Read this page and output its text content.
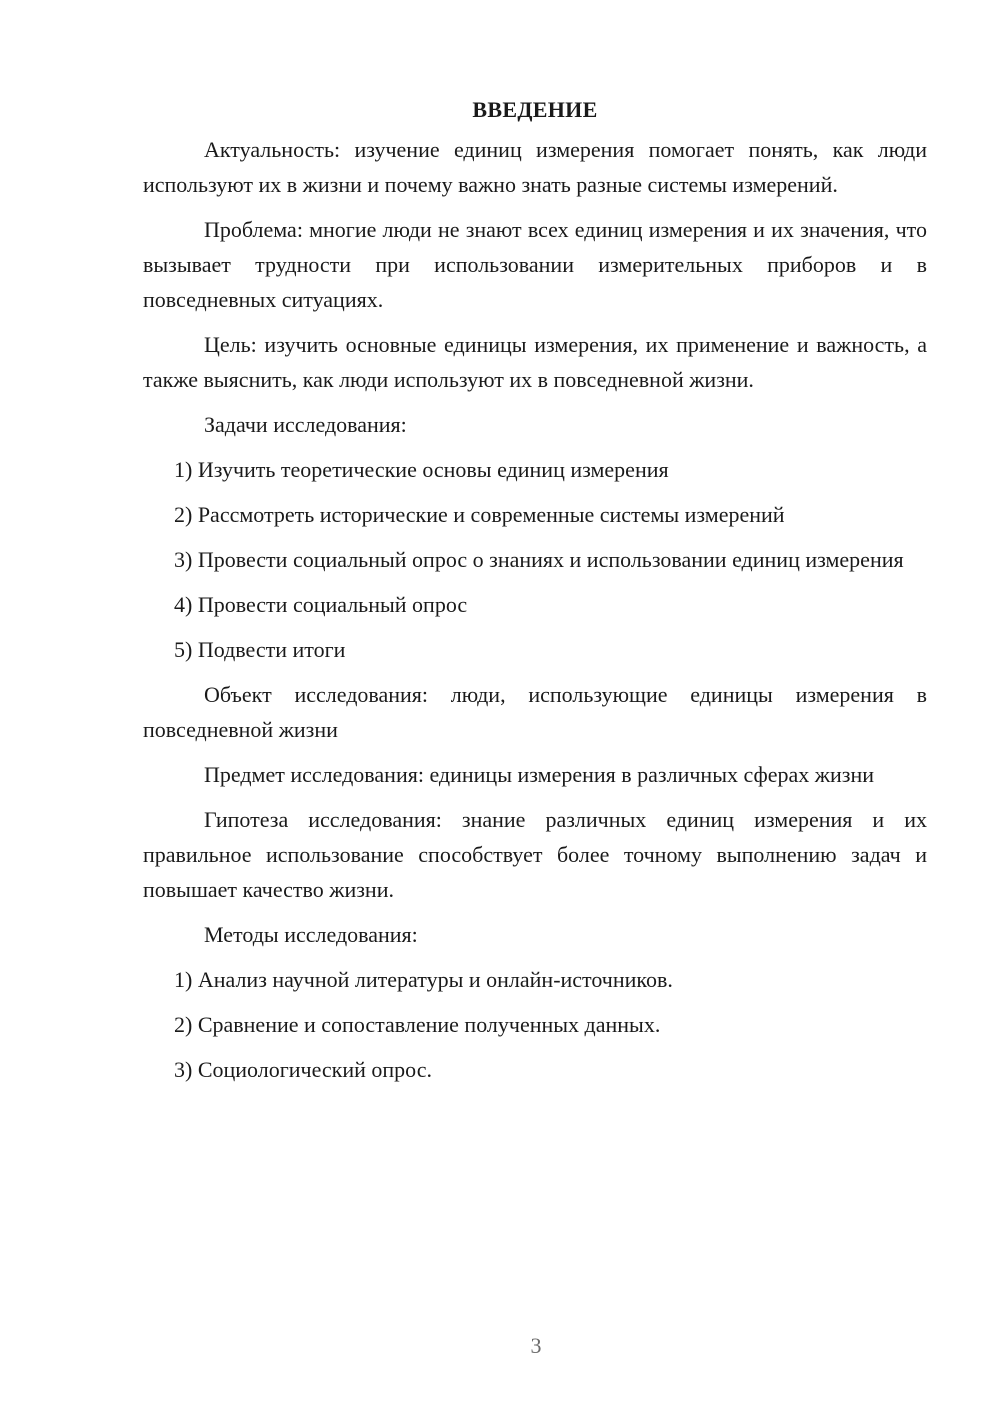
ВВЕДЕНИЕ

Актуальность: изучение единиц измерения помогает понять, как люди используют их в жизни и почему важно знать разные системы измерений.

Проблема: многие люди не знают всех единиц измерения и их значения, что вызывает трудности при использовании измерительных приборов и в повседневных ситуациях.

Цель: изучить основные единицы измерения, их применение и важность, а также выяснить, как люди используют их в повседневной жизни.

Задачи исследования:

1) Изучить теоретические основы единиц измерения

2) Рассмотреть исторические и современные системы измерений

3) Провести социальный опрос о знаниях и использовании единиц измерения

4) Провести социальный опрос

5) Подвести итоги

Объект исследования: люди, использующие единицы измерения в повседневной жизни

Предмет исследования: единицы измерения в различных сферах жизни

Гипотеза исследования: знание различных единиц измерения и их правильное использование способствует более точному выполнению задач и повышает качество жизни.

Методы исследования:

1) Анализ научной литературы и онлайн-источников.

2) Сравнение и сопоставление полученных данных.

3) Социологический опрос.

3
